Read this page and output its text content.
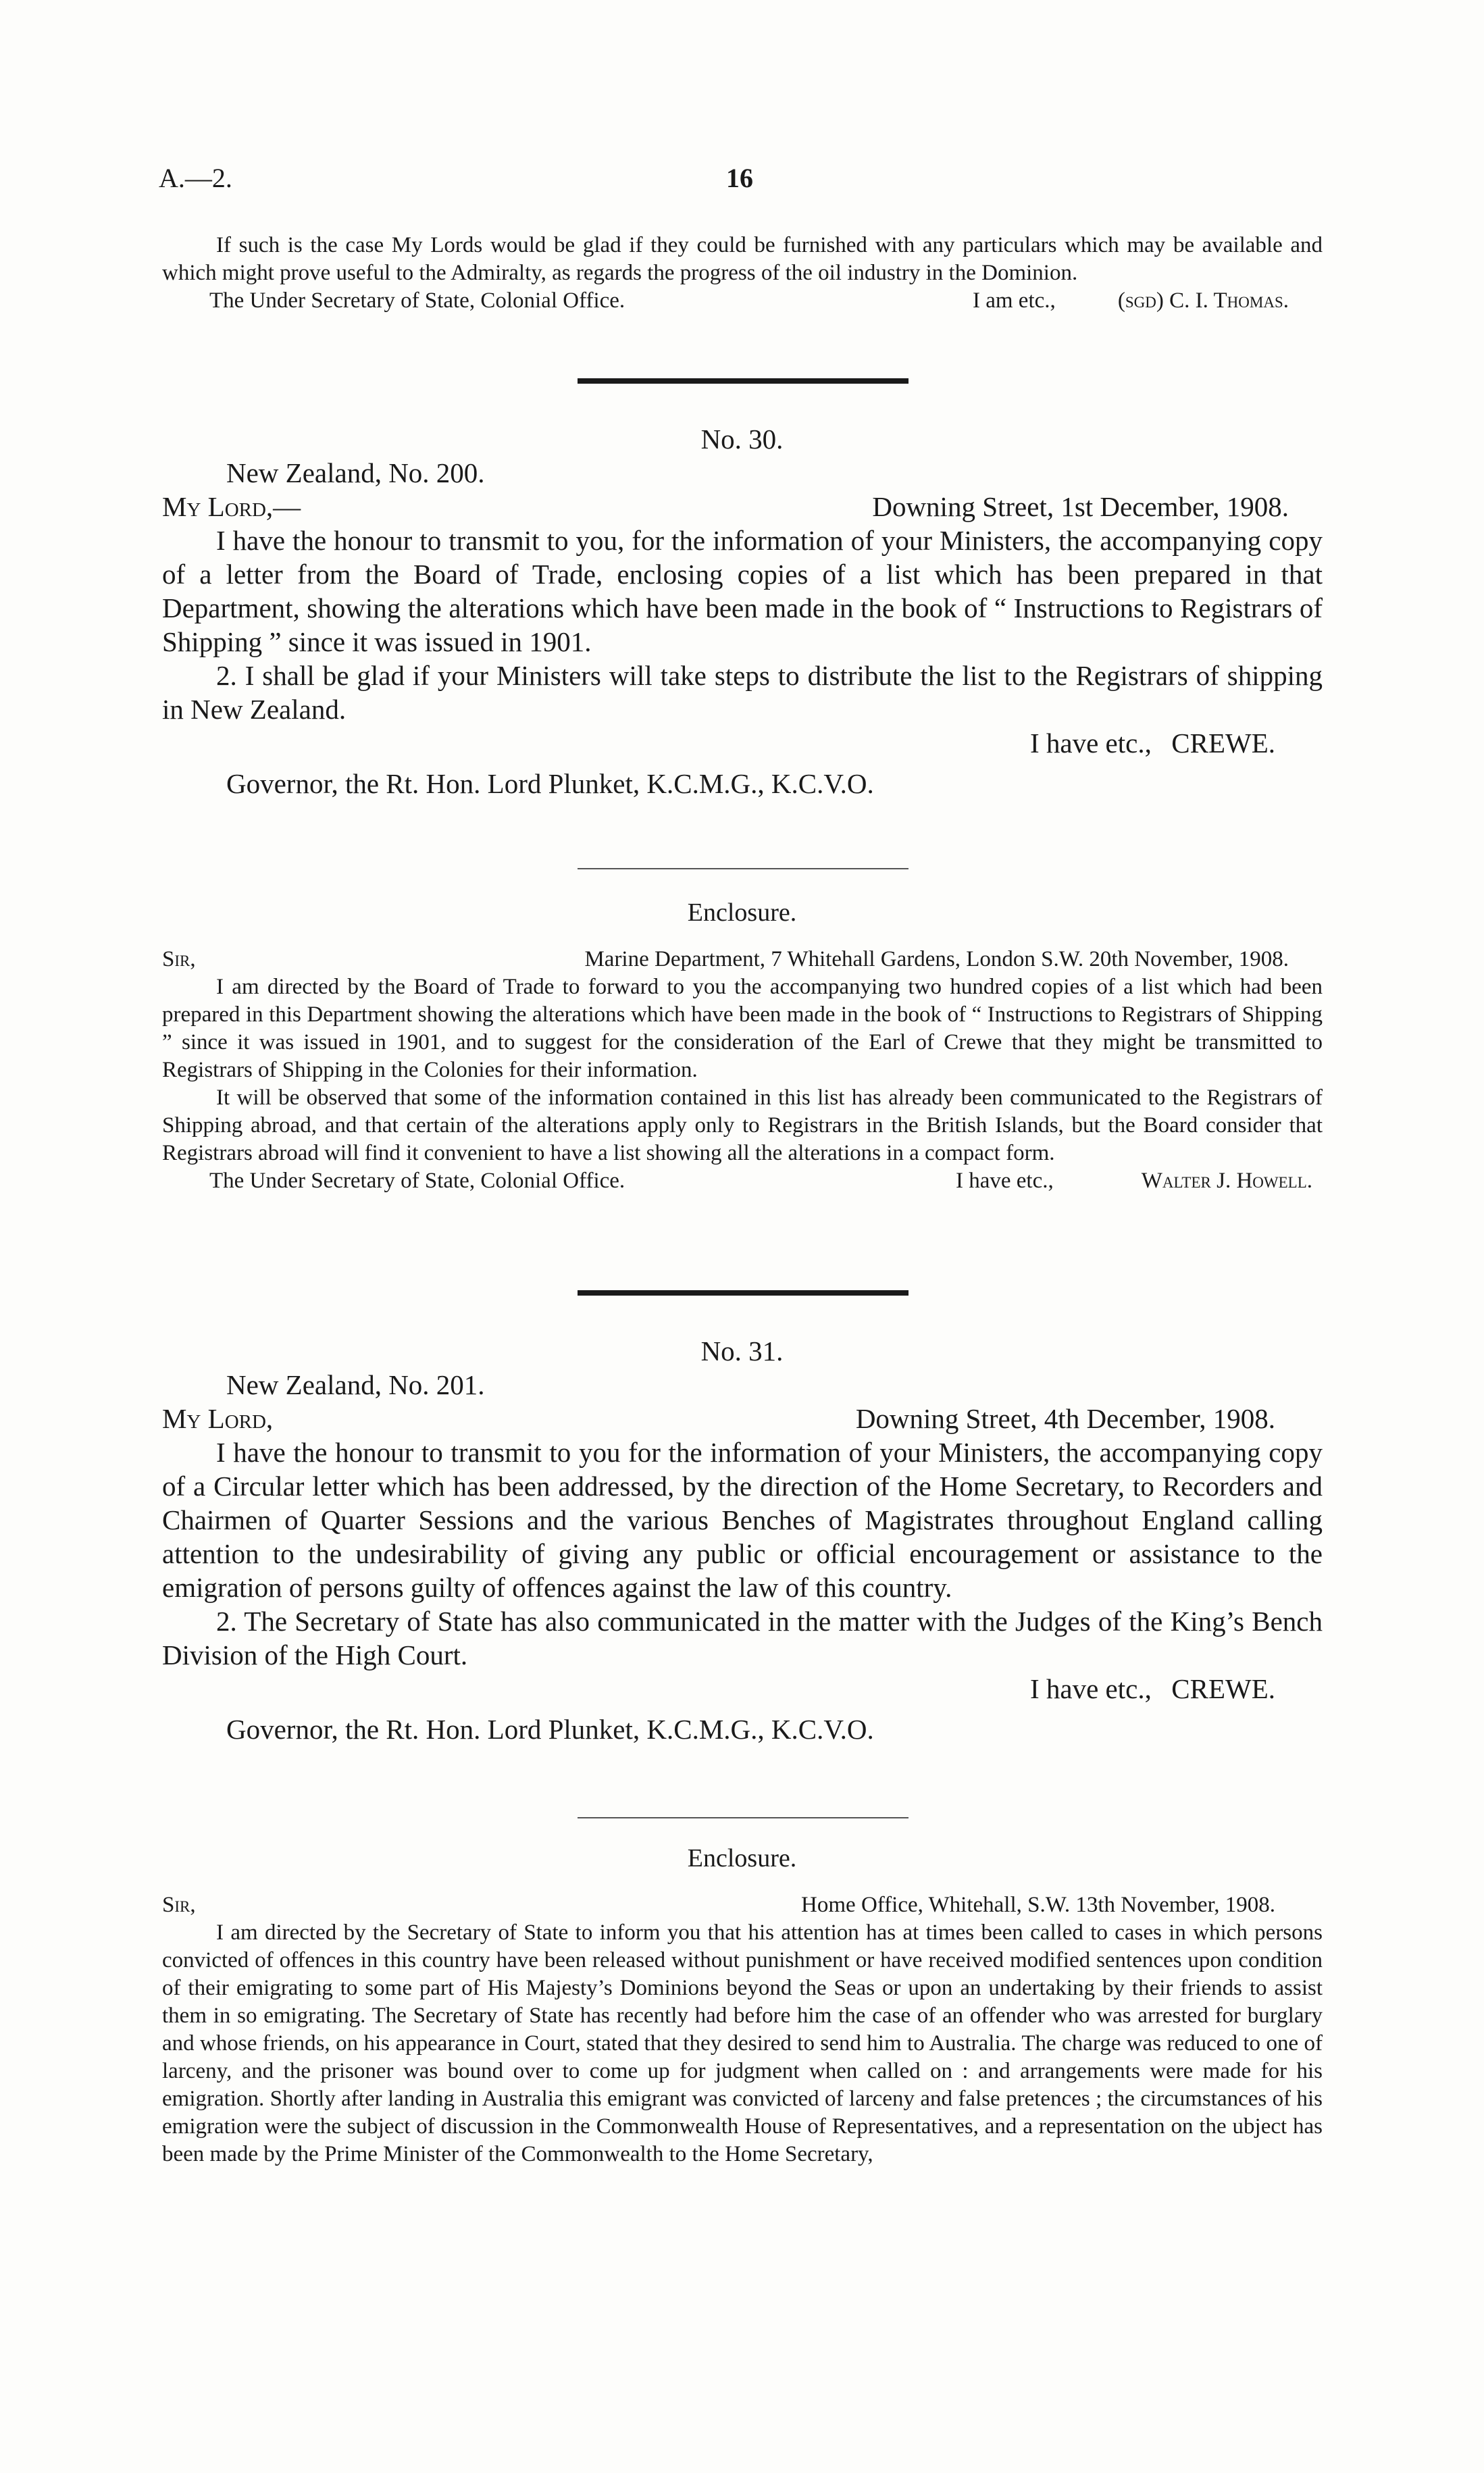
A.—2.	16
If such is the case My Lords would be glad if they could be furnished with any particulars which may be available and which might prove useful to the Admiralty, as regards the progress of the oil industry in the Dominion.
I am etc.,
The Under Secretary of State, Colonial Office.	(sgd) C. I. Thomas.
No. 30.
New Zealand, No. 200.
My Lord,—	Downing Street, 1st December, 1908.
I have the honour to transmit to you, for the information of your Ministers, the accompanying copy of a letter from the Board of Trade, enclosing copies of a list which has been prepared in that Department, showing the alterations which have been made in the book of “ Instructions to Registrars of Shipping ” since it was issued in 1901.
2. I shall be glad if your Ministers will take steps to distribute the list to the Registrars of shipping in New Zealand.
I have etc., CREWE.
Governor, the Rt. Hon. Lord Plunket, K.C.M.G., K.C.V.O.
Enclosure.
Sir,	Marine Department, 7 Whitehall Gardens, London S.W. 20th November, 1908.
I am directed by the Board of Trade to forward to you the accompanying two hundred copies of a list which had been prepared in this Department showing the alterations which have been made in the book of “ Instructions to Registrars of Shipping ” since it was issued in 1901, and to suggest for the consideration of the Earl of Crewe that they might be transmitted to Registrars of Shipping in the Colonies for their information.
It will be observed that some of the information contained in this list has already been communicated to the Registrars of Shipping abroad, and that certain of the alterations apply only to Registrars in the British Islands, but the Board consider that Registrars abroad will find it convenient to have a list showing all the alterations in a compact form.
I have etc.,
The Under Secretary of State, Colonial Office.	Walter J. Howell.
No. 31.
New Zealand, No. 201.
My Lord,	Downing Street, 4th December, 1908.
I have the honour to transmit to you for the information of your Ministers, the accompanying copy of a Circular letter which has been addressed, by the direction of the Home Secretary, to Recorders and Chairmen of Quarter Sessions and the various Benches of Magistrates throughout England calling attention to the undesirability of giving any public or official encouragement or assistance to the emigration of persons guilty of offences against the law of this country.
2. The Secretary of State has also communicated in the matter with the Judges of the King’s Bench Division of the High Court.
I have etc., CREWE.
Governor, the Rt. Hon. Lord Plunket, K.C.M.G., K.C.V.O.
Enclosure.
Sir,	Home Office, Whitehall, S.W. 13th November, 1908.
I am directed by the Secretary of State to inform you that his attention has at times been called to cases in which persons convicted of offences in this country have been released without punishment or have received modified sentences upon condition of their emigrating to some part of His Majesty’s Dominions beyond the Seas or upon an undertaking by their friends to assist them in so emigrating. The Secretary of State has recently had before him the case of an offender who was arrested for burglary and whose friends, on his appearance in Court, stated that they desired to send him to Australia. The charge was reduced to one of larceny, and the prisoner was bound over to come up for judgment when called on : and arrangements were made for his emigration. Shortly after landing in Australia this emigrant was convicted of larceny and false pretences ; the circumstances of his emigration were the subject of discussion in the Commonwealth House of Representatives, and a representation on the ubject has been made by the Prime Minister of the Commonwealth to the Home Secretary,
